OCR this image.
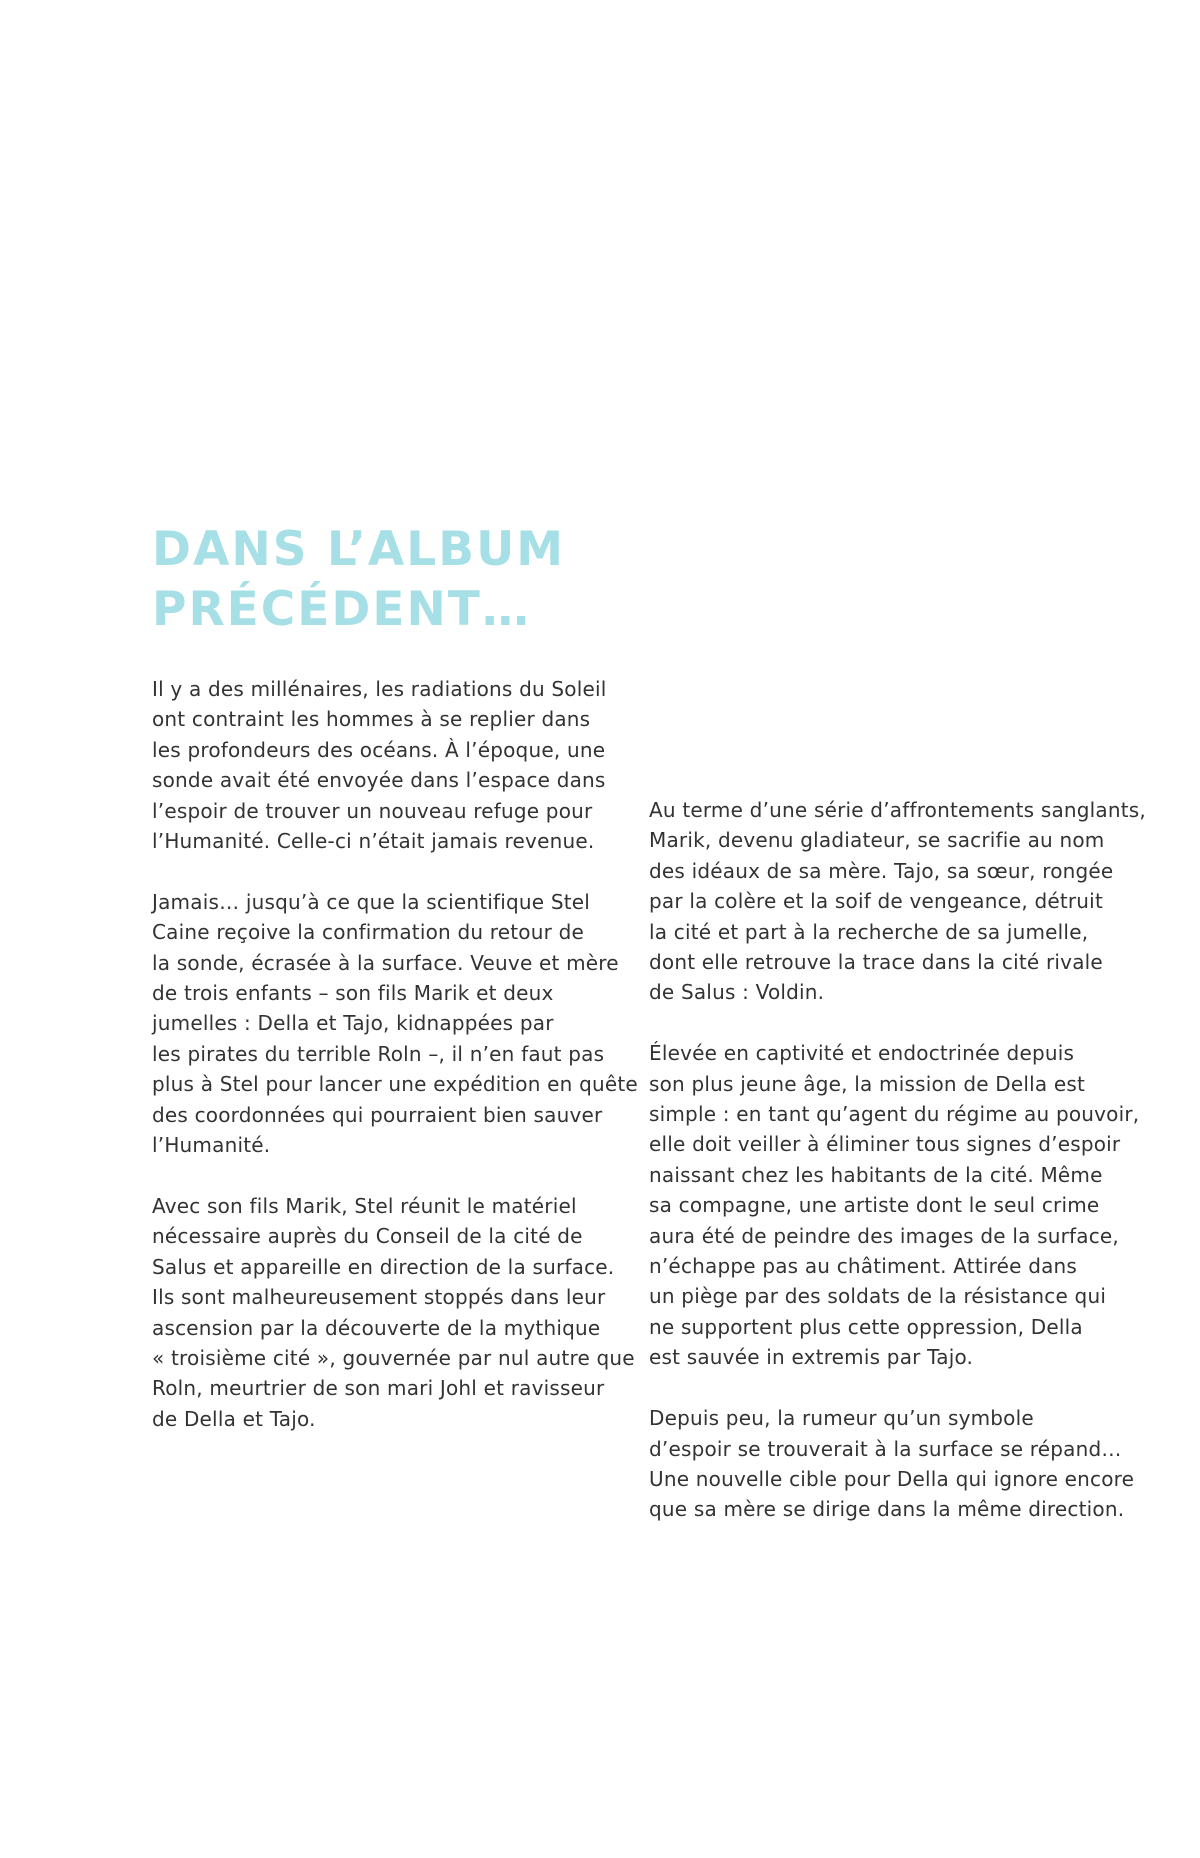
DANS L’ALBUM
PRÉCÉDENT…

Il y a des millénaires, les radiations du Soleil
ont contraint les hommes à se replier dans
les profondeurs des océans. À l’époque, une
sonde avait été envoyée dans l’espace dans
l’espoir de trouver un nouveau refuge pour
l’Humanité. Celle-ci n’était jamais revenue.

Jamais… jusqu’à ce que la scientifique Stel
Caine reçoive la confirmation du retour de
la sonde, écrasée à la surface. Veuve et mère
de trois enfants – son fils Marik et deux
jumelles : Della et Tajo, kidnappées par
les pirates du terrible Roln –, il n’en faut pas
plus à Stel pour lancer une expédition en quête
des coordonnées qui pourraient bien sauver
l’Humanité.

Avec son fils Marik, Stel réunit le matériel
nécessaire auprès du Conseil de la cité de
Salus et appareille en direction de la surface.
Ils sont malheureusement stoppés dans leur
ascension par la découverte de la mythique
« troisième cité », gouvernée par nul autre que
Roln, meurtrier de son mari Johl et ravisseur
de Della et Tajo.

Au terme d’une série d’affrontements sanglants,
Marik, devenu gladiateur, se sacrifie au nom
des idéaux de sa mère. Tajo, sa sœur, rongée
par la colère et la soif de vengeance, détruit
la cité et part à la recherche de sa jumelle,
dont elle retrouve la trace dans la cité rivale
de Salus : Voldin.

Élevée en captivité et endoctrinée depuis
son plus jeune âge, la mission de Della est
simple : en tant qu’agent du régime au pouvoir,
elle doit veiller à éliminer tous signes d’espoir
naissant chez les habitants de la cité. Même
sa compagne, une artiste dont le seul crime
aura été de peindre des images de la surface,
n’échappe pas au châtiment. Attirée dans
un piège par des soldats de la résistance qui
ne supportent plus cette oppression, Della
est sauvée in extremis par Tajo.

Depuis peu, la rumeur qu’un symbole
d’espoir se trouverait à la surface se répand…
Une nouvelle cible pour Della qui ignore encore
que sa mère se dirige dans la même direction.
